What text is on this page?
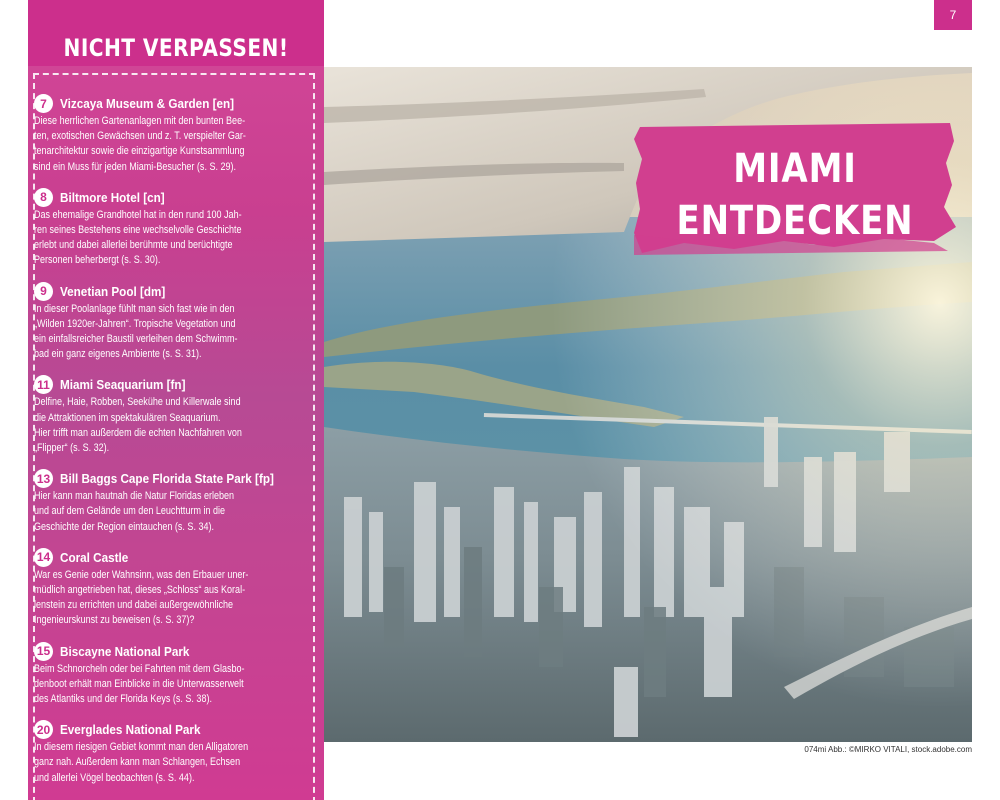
NICHT VERPASSEN!
7	Vizcaya Museum & Garden [en]
Diese herrlichen Gartenanlagen mit den bunten Bee-
ten, exotischen Gewächsen und z. T. verspielter Gar-
tenarchitektur sowie die einzigartige Kunstsammlung
sind ein Muss für jeden Miami-Besucher (s. S. 29).
8	Biltmore Hotel [cn]
Das ehemalige Grandhotel hat in den rund 100 Jah-
ren seines Bestehens eine wechselvolle Geschichte
erlebt und dabei allerlei berühmte und berüchtigte
Personen beherbergt (s. S. 30).
9	Venetian Pool [dm]
In dieser Poolanlage fühlt man sich fast wie in den
„Wilden 1920er-Jahren“. Tropische Vegetation und
ein einfallsreicher Baustil verleihen dem Schwimm-
bad ein ganz eigenes Ambiente (s. S. 31).
11 Miami Seaquarium [fn]
Delfine, Haie, Robben, Seekühe und Killerwale sind
die Attraktionen im spektakulären Seaquarium.
Hier trifft man außerdem die echten Nachfahren von
„Flipper“ (s. S. 32).
13 Bill Baggs Cape Florida State Park [fp]
Hier kann man hautnah die Natur Floridas erleben
und auf dem Gelände um den Leuchtturm in die
Geschichte der Region eintauchen (s. S. 34).
14 Coral Castle
War es Genie oder Wahnsinn, was den Erbauer uner-
müdlich angetrieben hat, dieses „Schloss“ aus Koral-
lenstein zu errichten und dabei außergewöhnliche
Ingenieurskunst zu beweisen (s. S. 37)?
15 Biscayne National Park
Beim Schnorcheln oder bei Fahrten mit dem Glasbo-
denboot erhält man Einblicke in die Unterwasserwelt
des Atlantiks und der Florida Keys (s. S. 38).
20 Everglades National Park
In diesem riesigen Gebiet kommt man den Alligatoren
ganz nah. Außerdem kann man Schlangen, Echsen
und allerlei Vögel beobachten (s. S. 44).
7
MIAMI
ENTDECKEN
074mi Abb.: ©MIRKO VITALI, stock.adobe.com
